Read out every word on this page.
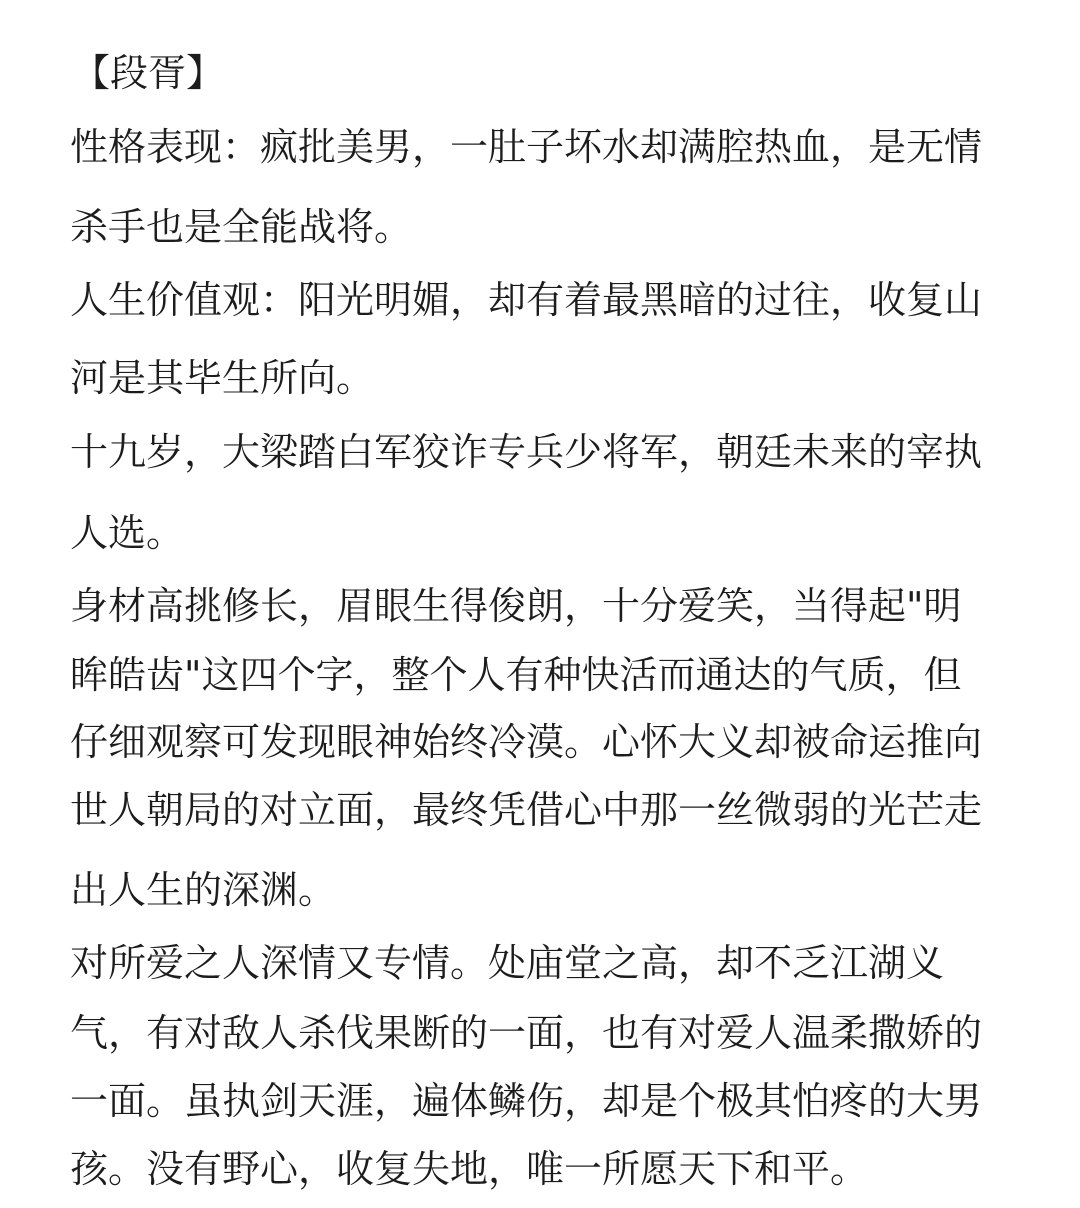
【段胥】
性格表现：疯批美男，一肚子坏水却满腔热血，是无情
杀手也是全能战将。
人生价值观：阳光明媚，却有着最黑暗的过往，收复山
河是其毕生所向。
十九岁，大梁踏白军狡诈专兵少将军，朝廷未来的宰执
人选。
身材高挑修长，眉眼生得俊朗，十分爱笑，当得起"明
眸皓齿"这四个字，整个人有种快活而通达的气质，但
仔细观察可发现眼神始终冷漠。心怀大义却被命运推向
世人朝局的对立面，最终凭借心中那一丝微弱的光芒走
出人生的深渊。
对所爱之人深情又专情。处庙堂之高，却不乏江湖义
气，有对敌人杀伐果断的一面，也有对爱人温柔撒娇的
一面。虽执剑天涯，遍体鳞伤，却是个极其怕疼的大男
孩。没有野心，收复失地，唯一所愿天下和平。
